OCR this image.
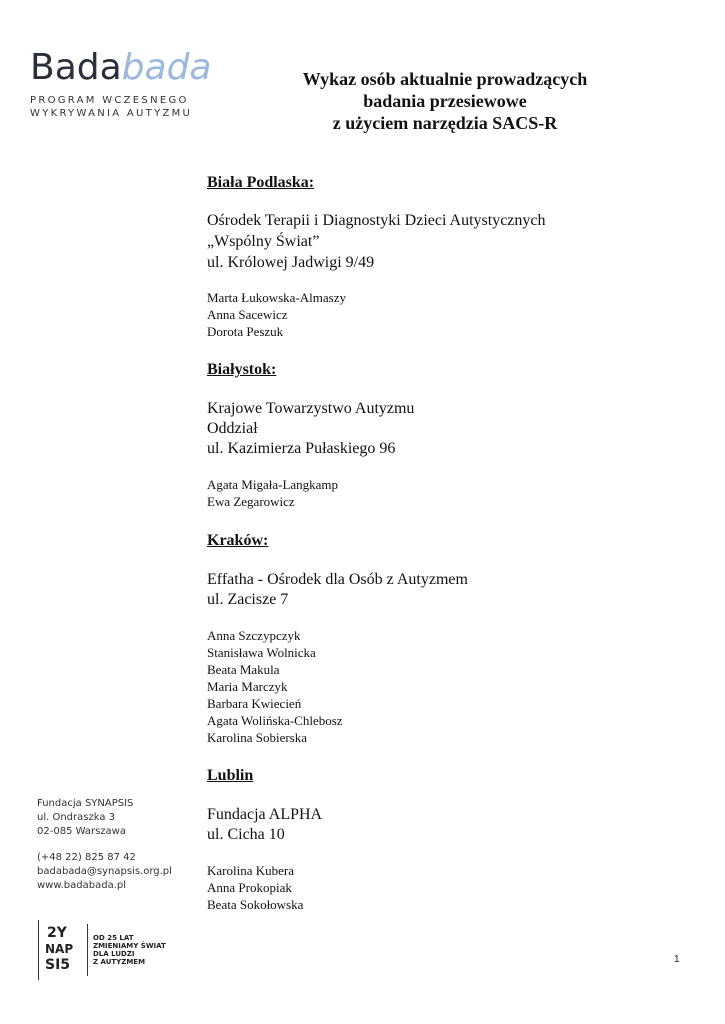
Badabada
PROGRAM WCZESNEGO
WYKRYWANIA AUTYZMU
Wykaz osób aktualnie prowadzących
badania przesiewowe
z użyciem narzędzia SACS-R
Biała Podlaska:
Ośrodek Terapii i Diagnostyki Dzieci Autystycznych
„Wspólny Świat”
ul. Królowej Jadwigi 9/49
Marta Łukowska-Almaszy
Anna Sacewicz
Dorota Peszuk
Białystok:
Krajowe Towarzystwo Autyzmu
Oddział
ul. Kazimierza Pułaskiego 96
Agata Migała-Langkamp
Ewa Zegarowicz
Kraków:
Effatha - Ośrodek dla Osób z Autyzmem
ul. Zacisze 7
Anna Szczypczyk
Stanisława Wolnicka
Beata Makula
Maria Marczyk
Barbara Kwiecień
Agata Wolińska-Chlebosz
Karolina Sobierska
Lublin
Fundacja ALPHA
ul. Cicha 10
Karolina Kubera
Anna Prokopiak
Beata Sokołowska
Fundacja SYNAPSIS
ul. Ondraszka 3
02-085 Warszawa
(+48 22) 825 87 42
badabada@synapsis.org.pl
www.badabada.pl
2Y
NAP
SI5
OD 25 LAT
ZMIENIAMY ŚWIAT
DLA LUDZI
Z AUTYZMEM	1
